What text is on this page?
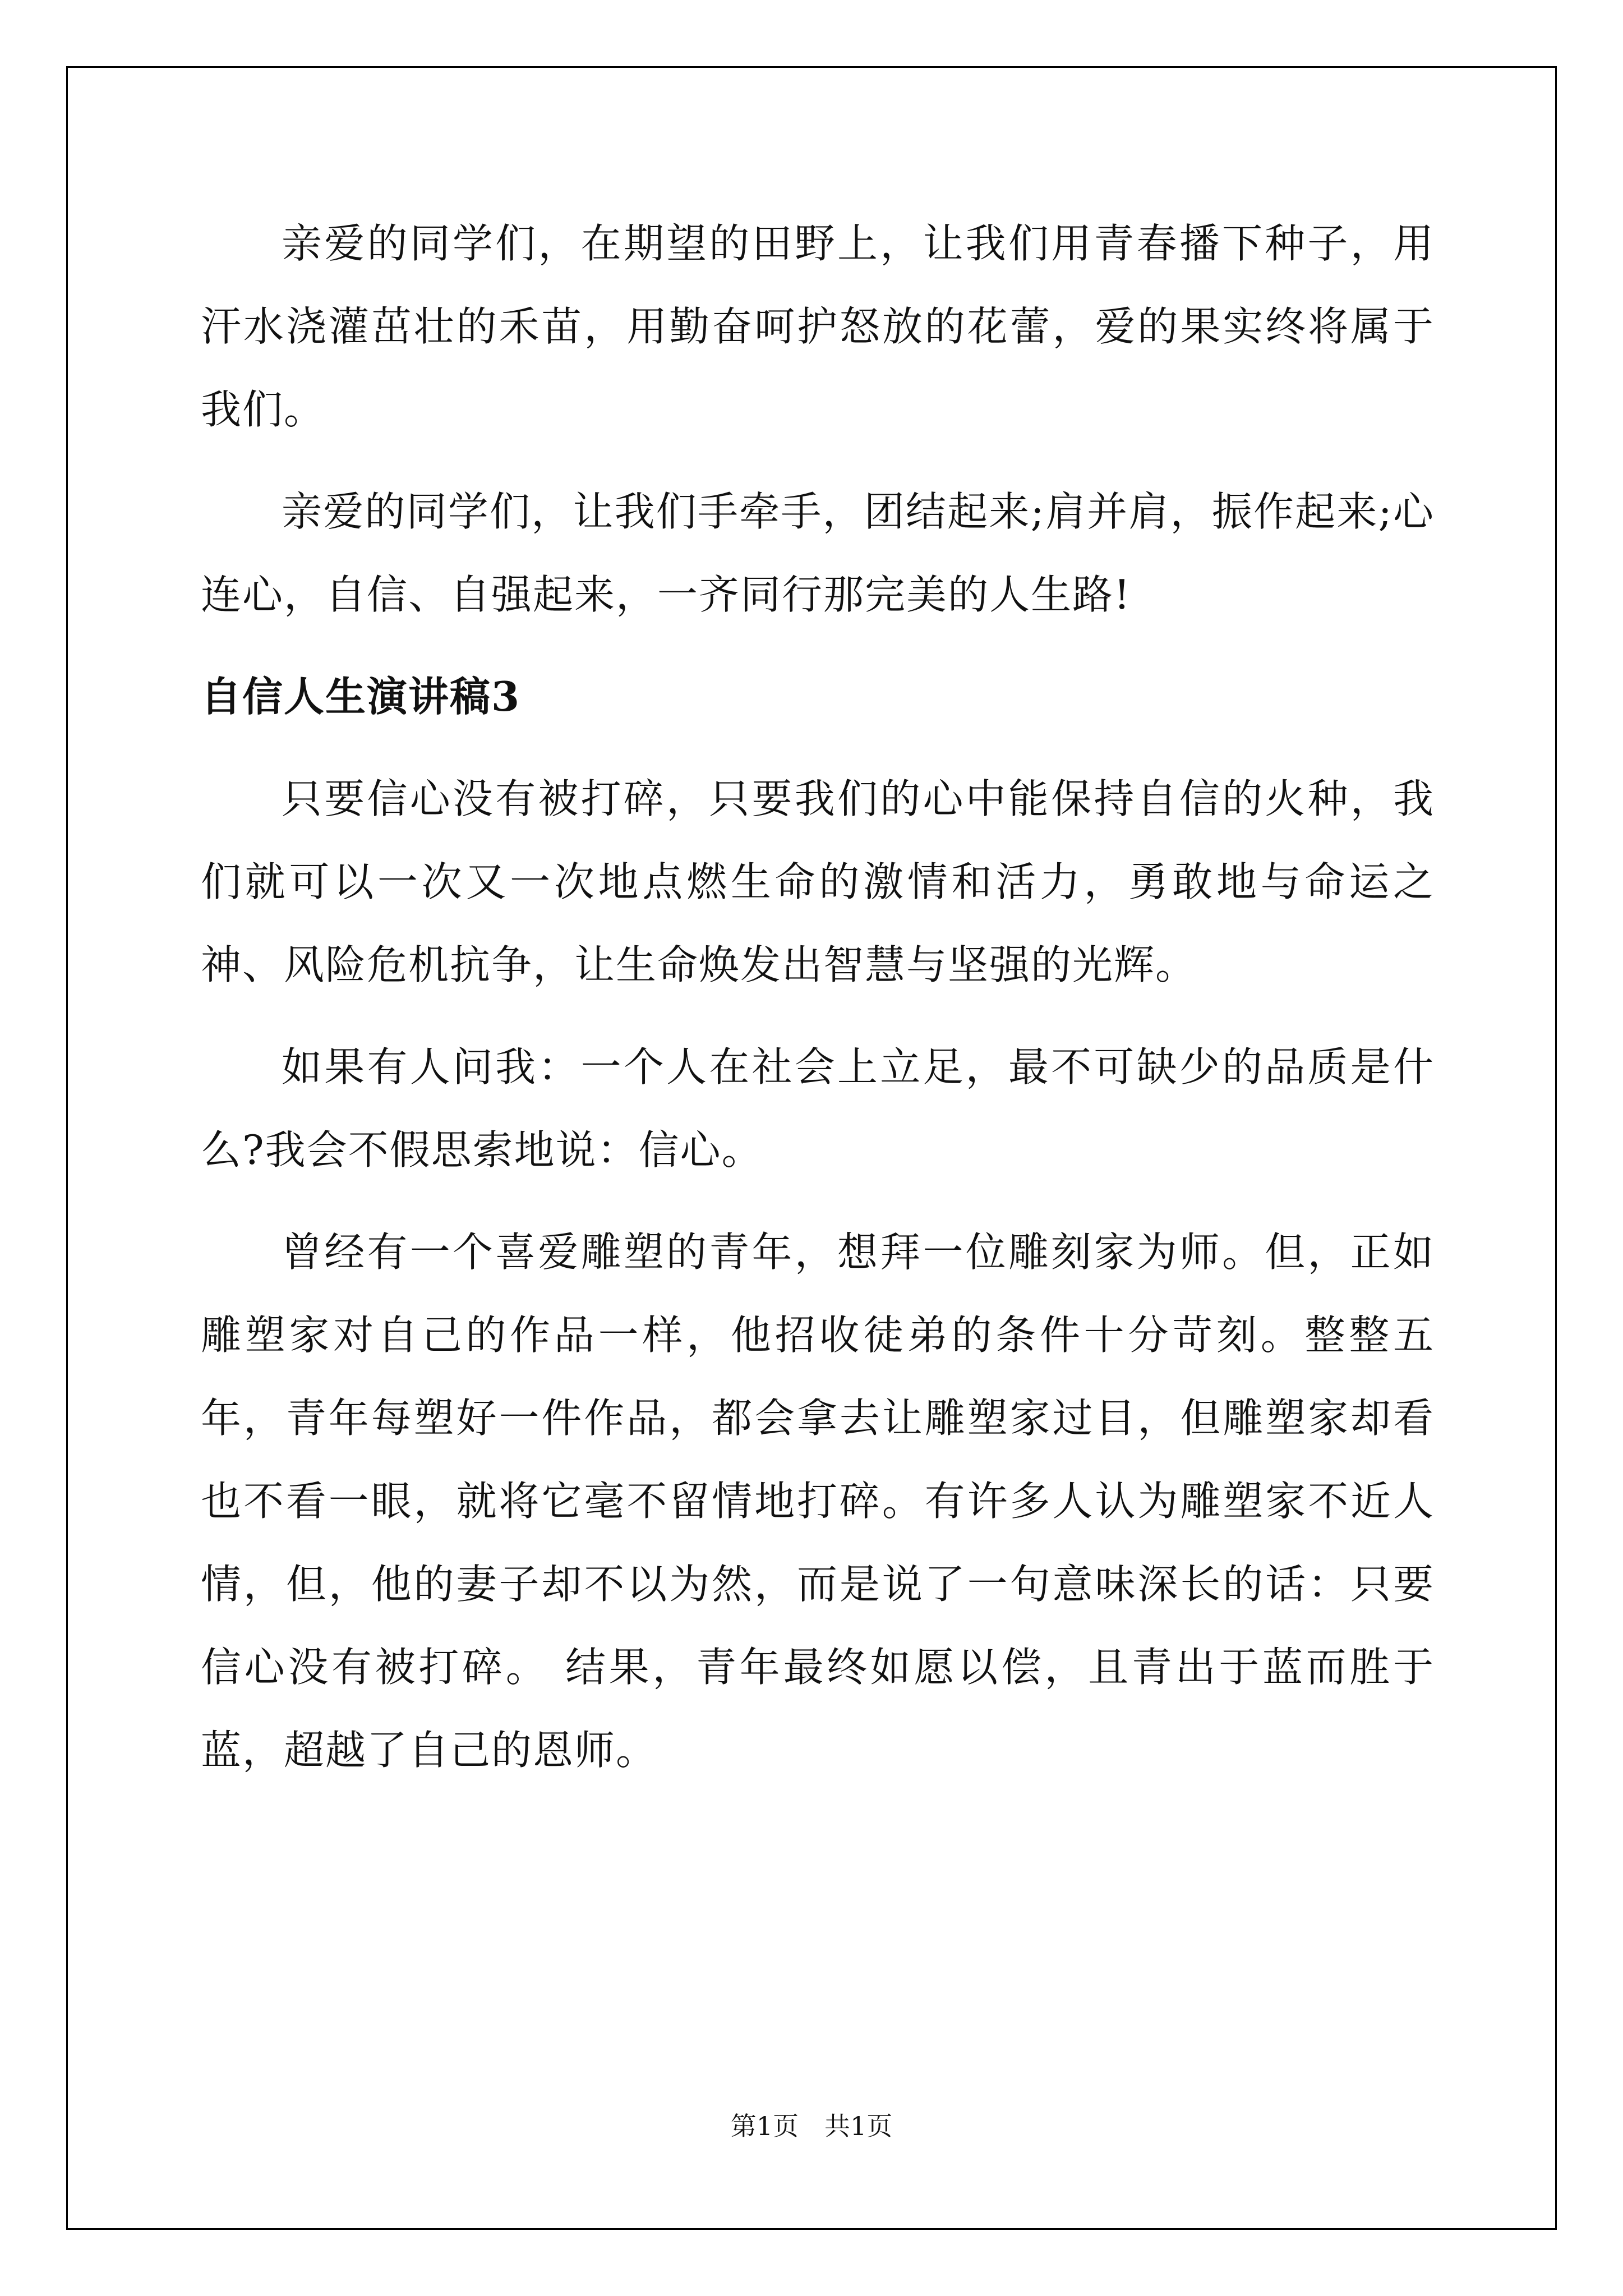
亲爱的同学们，在期望的田野上，让我们用青春播下种子，用汗水浇灌茁壮的禾苗，用勤奋呵护怒放的花蕾，爱的果实终将属于我们。

亲爱的同学们，让我们手牵手，团结起来;肩并肩，振作起来;心连心，自信、自强起来，一齐同行那完美的人生路!

自信人生演讲稿3

只要信心没有被打碎，只要我们的心中能保持自信的火种，我们就可以一次又一次地点燃生命的激情和活力，勇敢地与命运之神、风险危机抗争，让生命焕发出智慧与坚强的光辉。

如果有人问我：一个人在社会上立足，最不可缺少的品质是什么?我会不假思索地说：信心。

曾经有一个喜爱雕塑的青年，想拜一位雕刻家为师。但，正如雕塑家对自己的作品一样，他招收徒弟的条件十分苛刻。整整五年，青年每塑好一件作品，都会拿去让雕塑家过目，但雕塑家却看也不看一眼，就将它毫不留情地打碎。有许多人认为雕塑家不近人情，但，他的妻子却不以为然，而是说了一句意味深长的话：只要信心没有被打碎。 结果，青年最终如愿以偿，且青出于蓝而胜于蓝，超越了自己的恩师。

第1页　共1页
